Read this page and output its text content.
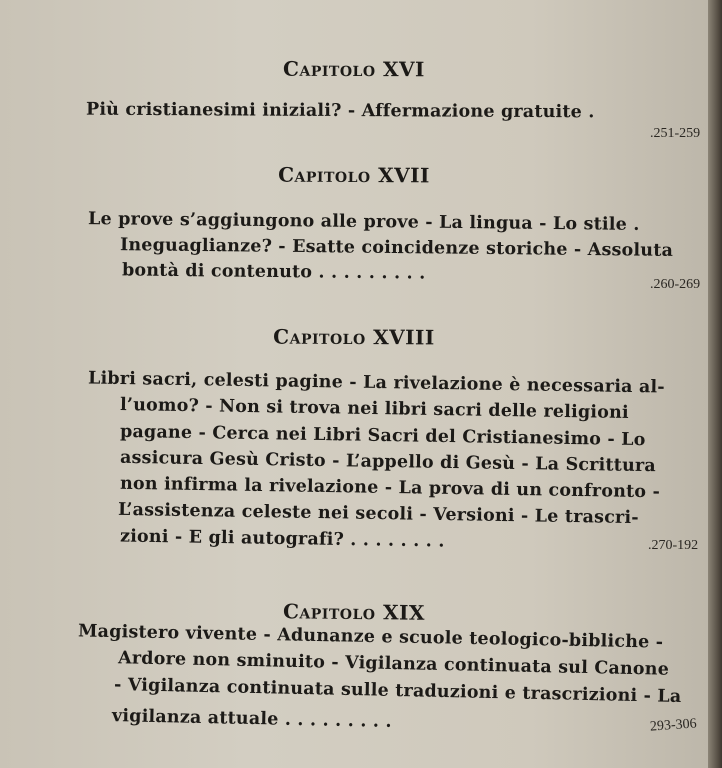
Capitolo XVI
Più cristianesimi iniziali? - Affermazione gratuite .
.251-259
Capitolo XVII
Le prove s’aggiungono alle prove - La lingua - Lo stile .
Ineguaglianze? - Esatte coincidenze storiche - Assoluta
bontà di contenuto . . . . . . . . .
.260-269
Capitolo XVIII
Libri sacri, celesti pagine - La rivelazione è necessaria al-
l’uomo? - Non si trova nei libri sacri delle religioni
pagane - Cerca nei Libri Sacri del Cristianesimo - Lo
assicura Gesù Cristo - L’appello di Gesù - La Scrittura
non infirma la rivelazione - La prova di un confronto -
L’assistenza celeste nei secoli - Versioni - Le trascri-
zioni - E gli autografi? . . . . . . . .	.270-192
Capitolo XIX
Magistero vivente - Adunanze e scuole teologico-bibliche -
Ardore non sminuito - Vigilanza continuata sul Canone
- Vigilanza continuata sulle traduzioni e trascrizioni - La
vigilanza attuale . . . . . . . . .	293-306
